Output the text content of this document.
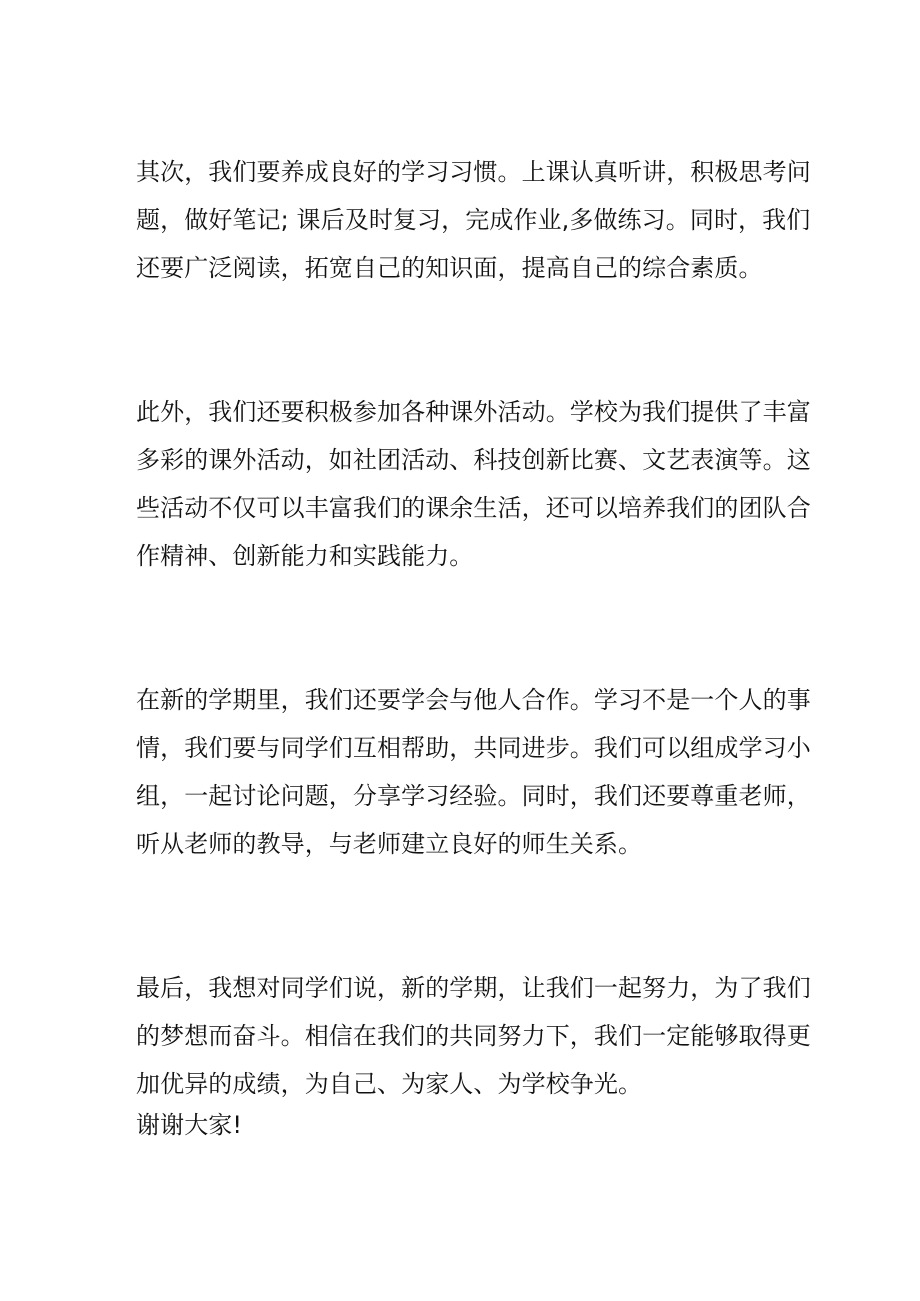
其次，我们要养成良好的学习习惯。上课认真听讲，积极思考问
题，做好笔记; 课后及时复习，完成作业,多做练习。同时，我们
还要广泛阅读，拓宽自己的知识面，提高自己的综合素质。
此外，我们还要积极参加各种课外活动。学校为我们提供了丰富
多彩的课外活动，如社团活动、科技创新比赛、文艺表演等。这
些活动不仅可以丰富我们的课余生活，还可以培养我们的团队合
作精神、创新能力和实践能力。
在新的学期里，我们还要学会与他人合作。学习不是一个人的事
情，我们要与同学们互相帮助，共同进步。我们可以组成学习小
组，一起讨论问题，分享学习经验。同时，我们还要尊重老师，
听从老师的教导，与老师建立良好的师生关系。
最后，我想对同学们说，新的学期，让我们一起努力，为了我们
的梦想而奋斗。相信在我们的共同努力下，我们一定能够取得更
加优异的成绩，为自己、为家人、为学校争光。
谢谢大家!
